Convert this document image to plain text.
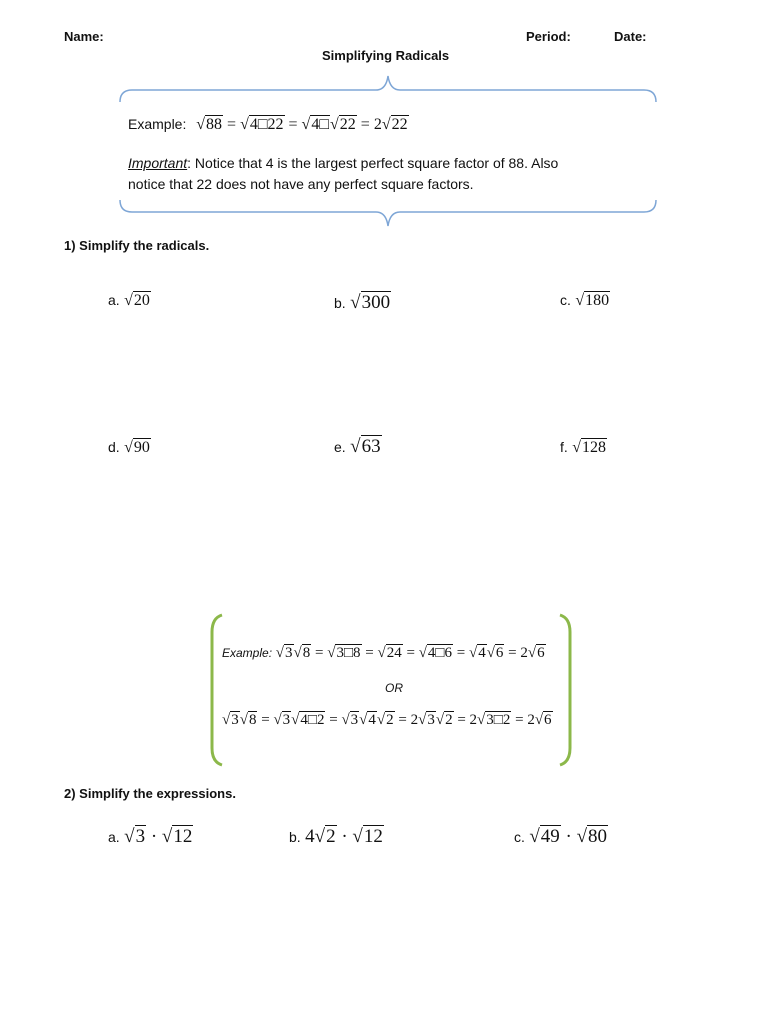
Name:	Period:	Date:
Simplifying Radicals
Example: √88 = √4□22 = √4□√22 = 2√22
Important: Notice that 4 is the largest perfect square factor of 88. Also
notice that 22 does not have any perfect square factors.
1) Simplify the radicals.
a. √20	b. √300	c. √180
d. √90	e. √63	f. √128
Example: √3√8 = √3□8 = √24 = √4□6 = √4√6 = 2√6
OR
√3√8 = √3√4□2 = √3√4√2 = 2√3√2 = 2√3□2 = 2√6
2) Simplify the expressions.
a. √3 · √12	b. 4√2 · √12	c. √49 · √80
